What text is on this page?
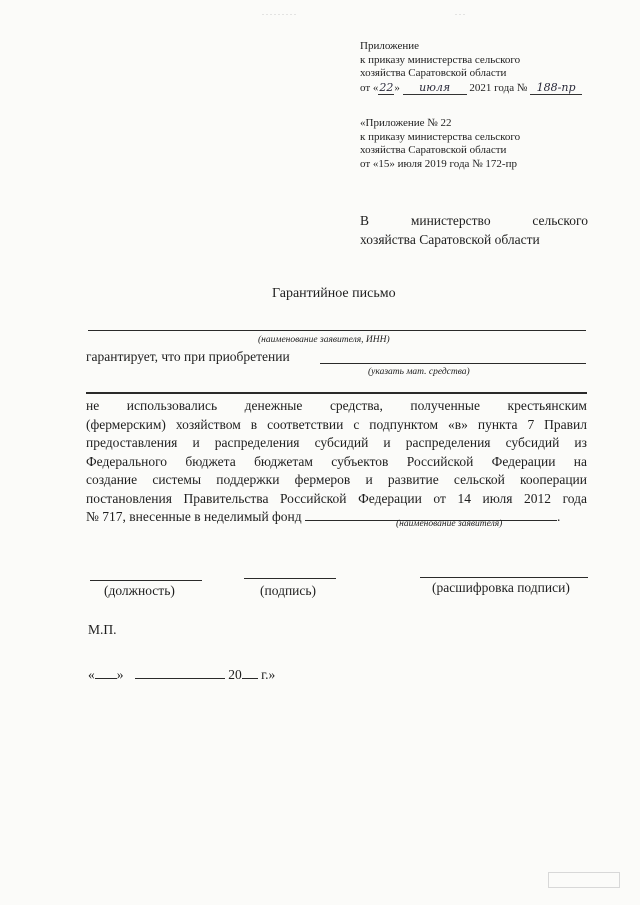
.........	...
Приложение
к приказу министерства сельского
хозяйства Саратовской области
от «22» июля 2021 года № 188-пр
«Приложение № 22
к приказу министерства сельского
хозяйства Саратовской области
от «15» июля 2019 года № 172-пр
В	министерство	сельского
хозяйства Саратовской области
Гарантийное письмо
(наименование заявителя, ИНН)
гарантирует, что при приобретении
(указать мат. средства)
не использовались денежные средства, полученные крестьянским
(фермерским) хозяйством в соответствии с подпунктом «в» пункта 7 Правил
предоставления и распределения субсидий и распределения субсидий из
Федерального бюджета бюджетам субъектов Российской Федерации на
создание системы поддержки фермеров и развитие сельской кооперации
постановления Правительства Российской Федерации от 14 июля 2012 года
№ 717, внесенные в неделимый фонд	.
(наименование заявителя)
(должность)	(подпись)	(расшифровка подписи)
М.П.
« »	20 г.»
